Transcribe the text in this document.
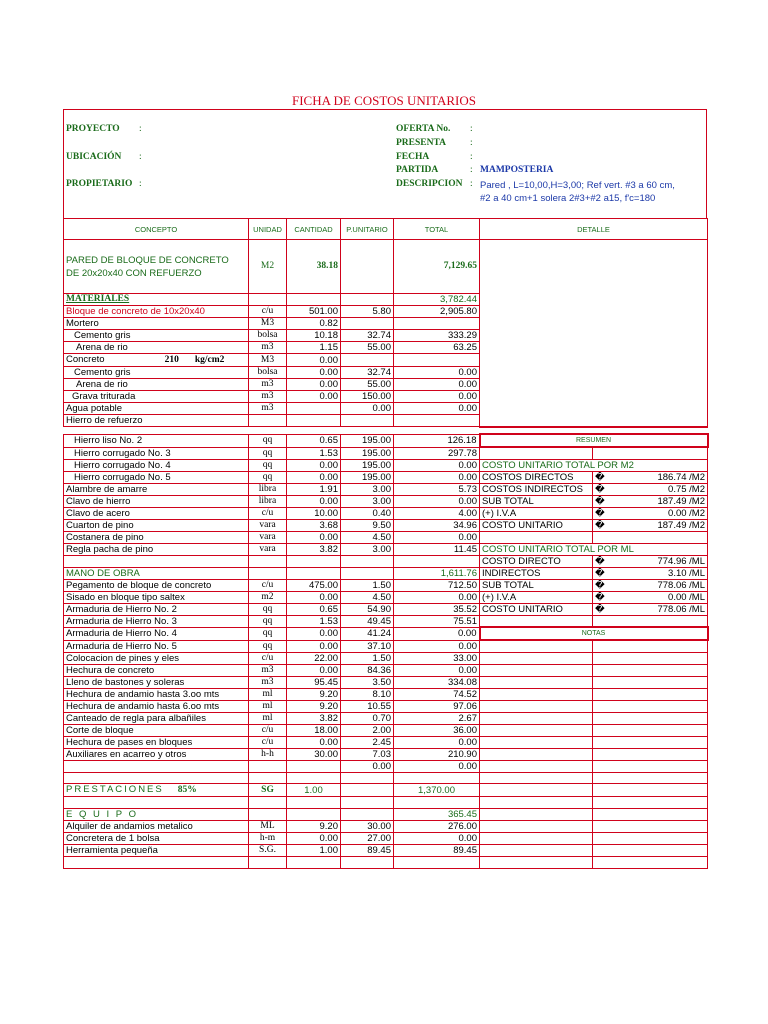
FICHA DE COSTOS UNITARIOS
PROYECTO :
UBICACIÓN :
PROPIETARIO :
OFERTA No. :
PRESENTA	:
FECHA	:
PARTIDA	: MAMPOSTERIA
DESCRIPCION : Pared , L=10,00,H=3,00; Ref vert. #3 a 60 cm,
#2 a 40 cm+1 solera 2#3+#2 a15, f'c=180
CONCEPTO	UNIDAD	CANTIDAD	P.UNITARIO	TOTAL	DETALLE
PARED DE BLOQUE DE CONCRETO
DE 20x20x40 CON REFUERZO	M2	38.18		7,129.65	
MATERIALES				3,782.44	
Bloque de concreto de 10x20x40	c/u	501.00	5.80	2,905.80	
Mortero	M3	0.82			
Cemento gris	bolsa	10.18	32.74	333.29	
Arena de rio	m3	1.15	55.00	63.25	
Concreto 210 kg/cm2	M3	0.00			
Cemento gris	bolsa	0.00	32.74	0.00	
Arena de rio	m3	0.00	55.00	0.00	
Grava triturada	m3	0.00	150.00	0.00	
Agua potable	m3		0.00	0.00	
Hierro de refuerzo					
Hierro liso No. 2	qq	0.65	195.00	126.18	RESUMEN	
Hierro corrugado No. 3	qq	1.53	195.00	297.78		
Hierro corrugado No. 4	qq	0.00	195.00	0.00	COSTO UNITARIO TOTAL POR M2	
Hierro corrugado No. 5	qq	0.00	195.00	0.00	COSTOS DIRECTOS	� 186.74 /M2

Alambre de amarre	libra	1.91	3.00	5.73	COSTOS INDIRECTOS	� 0.75 /M2

Clavo de hierro	libra	0.00	3.00	0.00	SUB TOTAL	� 187.49 /M2

Clavo de acero	c/u	10.00	0.40	4.00	(+) I.V.A	� 0.00 /M2

Cuarton de pino	vara	3.68	9.50	34.96	COSTO UNITARIO	� 187.49 /M2

Costanera de pino	vara	0.00	4.50	0.00		
Regla pacha de pino	vara	3.82	3.00	11.45	COSTO UNITARIO TOTAL POR ML	
					COSTO DIRECTO	� 774.96 /ML

MANO DE OBRA				1,611.76	INDIRECTOS	� 3.10 /ML

Pegamento de bloque de concreto	c/u	475.00	1.50	712.50	SUB TOTAL	� 778.06 /ML

Sisado en bloque tipo saltex	m2	0.00	4.50	0.00	(+) I.V.A	� 0.00 /ML

Armaduria de Hierro No. 2	qq	0.65	54.90	35.52	COSTO UNITARIO	� 778.06 /ML

Armaduria de Hierro No. 3	qq	1.53	49.45	75.51		
Armaduria de Hierro No. 4	qq	0.00	41.24	0.00	NOTAS	
Armaduria de Hierro No. 5	qq	0.00	37.10	0.00		
Colocacion de pines y eles	c/u	22.00	1.50	33.00		
Hechura de concreto	m3	0.00	84.36	0.00		
Lleno de bastones y soleras	m3	95.45	3.50	334.08		
Hechura de andamio hasta 3.oo mts	ml	9.20	8.10	74.52		
Hechura de andamio hasta 6.oo mts	ml	9.20	10.55	97.06		
Canteado de regla para albañiles	ml	3.82	0.70	2.67		
Corte de bloque	c/u	18.00	2.00	36.00		
Hechura de pases en bloques	c/u	0.00	2.45	0.00		
Auxiliares en acarreo y otros	h-h	30.00	7.03	210.90		
			0.00	0.00		

PRESTACIONES 85%	SG	1.00		1,370.00		

E Q U I P O				365.45		
Alquiler de andamios metalico	ML	9.20	30.00	276.00		
Concretera de 1 bolsa	h-m	0.00	27.00	0.00		
Herramienta pequeña	S.G.	1.00	89.45	89.45		
